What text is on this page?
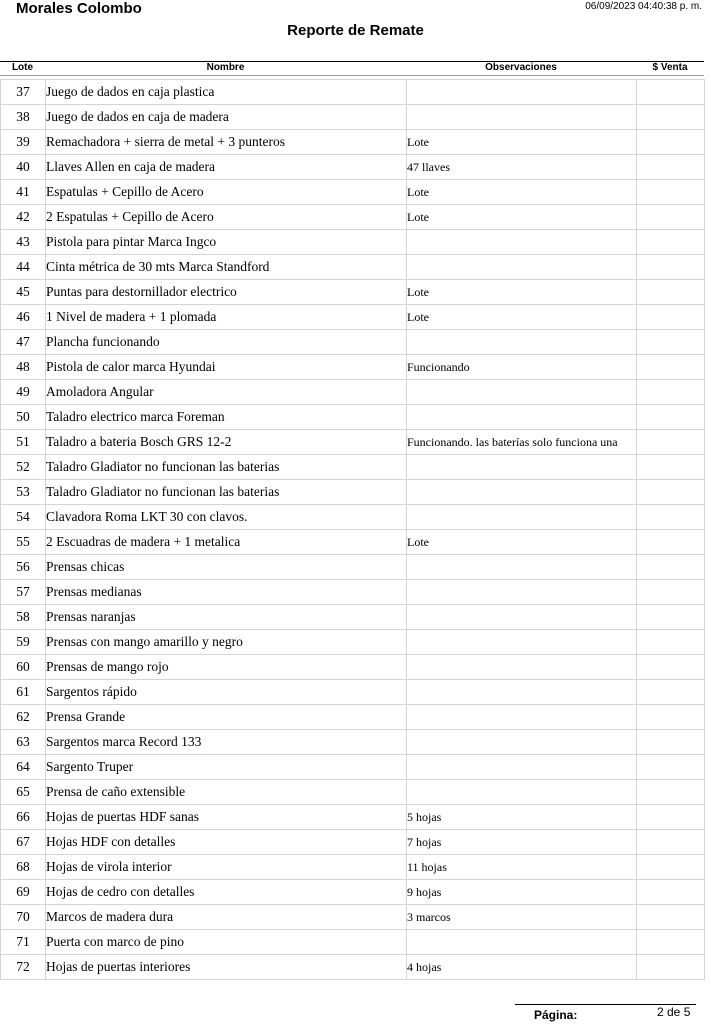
Morales Colombo	06/09/2023 04:40:38 p. m.
Reporte de Remate
Lote	Nombre	Observaciones	$ Venta
37	Juego de dados en caja plastica		
38	Juego de dados en caja de madera		
39	Remachadora + sierra de metal + 3 punteros	Lote	
40	Llaves Allen en caja de madera	47 llaves	
41	Espatulas + Cepillo de Acero	Lote	
42	2 Espatulas + Cepillo de Acero	Lote	
43	Pistola para pintar Marca Ingco		
44	Cinta métrica de 30 mts Marca Standford		
45	Puntas para destornillador electrico	Lote	
46	1 Nivel de madera + 1 plomada	Lote	
47	Plancha funcionando		
48	Pistola de calor marca Hyundai	Funcionando	
49	Amoladora Angular		
50	Taladro electrico marca Foreman		
51	Taladro a bateria Bosch GRS 12-2	Funcionando. las baterías solo funciona una	
52	Taladro Gladiator no funcionan las baterias		
53	Taladro Gladiator no funcionan las baterias		
54	Clavadora Roma LKT 30 con clavos.		
55	2 Escuadras de madera + 1 metalica	Lote	
56	Prensas chicas		
57	Prensas medianas		
58	Prensas naranjas		
59	Prensas con mango amarillo y negro		
60	Prensas de mango rojo		
61	Sargentos rápido		
62	Prensa Grande		
63	Sargentos marca Record 133		
64	Sargento Truper		
65	Prensa de caño extensible		
66	Hojas de puertas HDF sanas	5 hojas	
67	Hojas HDF con detalles	7 hojas	
68	Hojas de virola interior	11 hojas	
69	Hojas de cedro con detalles	9 hojas	
70	Marcos de madera dura	3 marcos	
71	Puerta con marco de pino		
72	Hojas de puertas interiores	4 hojas	
Página:	2 de 5
